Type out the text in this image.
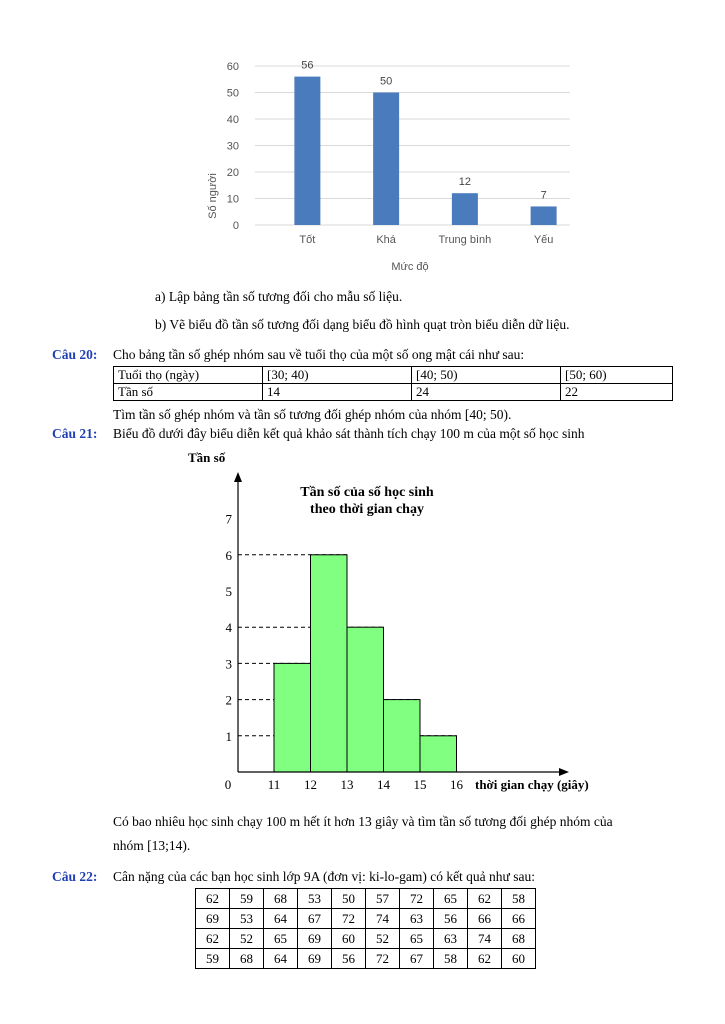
56
50
12
7
0
10
20
30
40
50
60
Tốt	Khá	Trung bình	Yếu
Số người
Mức độ
a) Lập bảng tần số tương đối cho mẫu số liệu.
b) Vẽ biểu đồ tần số tương đối dạng biểu đồ hình quạt tròn biểu diễn dữ liệu.
Câu 20: Cho bảng tần số ghép nhóm sau về tuổi thọ của một số ong mật cái như sau:
Tuổi thọ (ngày)	[30; 40)	[40; 50)	[50; 60)
Tần số	14	24	22
Tìm tần số ghép nhóm và tần số tương đối ghép nhóm của nhóm [40; 50).
Câu 21: Biểu đồ dưới đây biểu diễn kết quả khảo sát thành tích chạy 100 m của một số học sinh
1
2
3
4
5
6
7
11 12 13 14 15 16
0
Tần số
thời gian chạy (giây)
Tần số của số học sinh
theo thời gian chạy
Có bao nhiêu học sinh chạy 100 m hết ít hơn 13 giây và tìm tần số tương đối ghép nhóm của
nhóm [13;14).
Câu 22: Cân nặng của các bạn học sinh lớp 9A (đơn vị: ki-lo-gam) có kết quả như sau:
62	59	68	53	50	57	72	65	62	58
69	53	64	67	72	74	63	56	66	66
62	52	65	69	60	52	65	63	74	68
59	68	64	69	56	72	67	58	62	60
